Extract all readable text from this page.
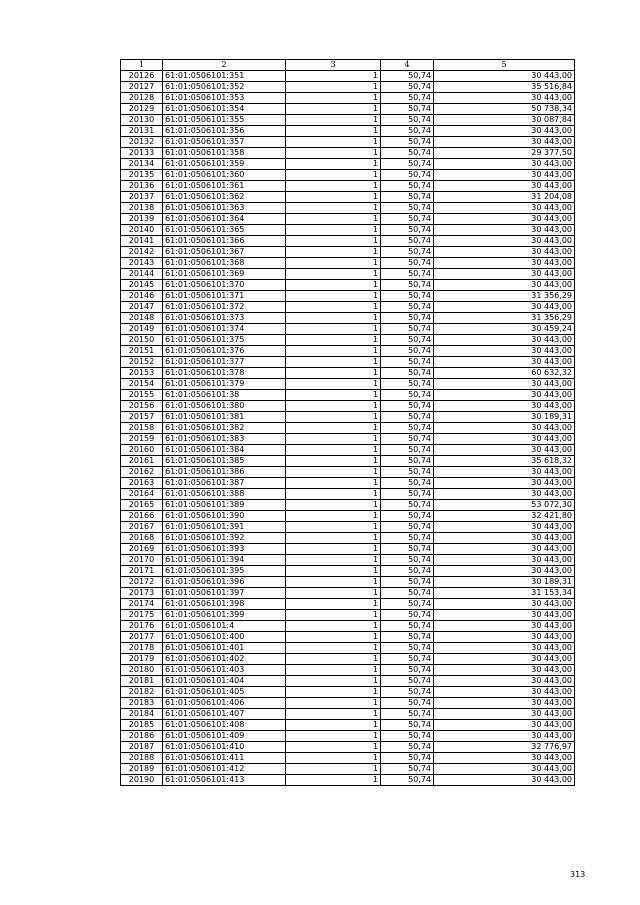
1	2	3	4	5
20126	61:01:0506101:351	1	50,74	30 443,00
20127	61:01:0506101:352	1	50,74	35 516,84
20128	61:01:0506101:353	1	50,74	30 443,00
20129	61:01:0506101:354	1	50,74	50 738,34
20130	61:01:0506101:355	1	50,74	30 087,84
20131	61:01:0506101:356	1	50,74	30 443,00
20132	61:01:0506101:357	1	50,74	30 443,00
20133	61:01:0506101:358	1	50,74	29 377,50
20134	61:01:0506101:359	1	50,74	30 443,00
20135	61:01:0506101:360	1	50,74	30 443,00
20136	61:01:0506101:361	1	50,74	30 443,00
20137	61:01:0506101:362	1	50,74	31 204,08
20138	61:01:0506101:363	1	50,74	30 443,00
20139	61:01:0506101:364	1	50,74	30 443,00
20140	61:01:0506101:365	1	50,74	30 443,00
20141	61:01:0506101:366	1	50,74	30 443,00
20142	61:01:0506101:367	1	50,74	30 443,00
20143	61:01:0506101:368	1	50,74	30 443,00
20144	61:01:0506101:369	1	50,74	30 443,00
20145	61:01:0506101:370	1	50,74	30 443,00
20146	61:01:0506101:371	1	50,74	31 356,29
20147	61:01:0506101:372	1	50,74	30 443,00
20148	61:01:0506101:373	1	50,74	31 356,29
20149	61:01:0506101:374	1	50,74	30 459,24
20150	61:01:0506101:375	1	50,74	30 443,00
20151	61:01:0506101:376	1	50,74	30 443,00
20152	61:01:0506101:377	1	50,74	30 443,00
20153	61:01:0506101:378	1	50,74	60 632,32
20154	61:01:0506101:379	1	50,74	30 443,00
20155	61:01:0506101:38	1	50,74	30 443,00
20156	61:01:0506101:380	1	50,74	30 443,00
20157	61:01:0506101:381	1	50,74	30 189,31
20158	61:01:0506101:382	1	50,74	30 443,00
20159	61:01:0506101:383	1	50,74	30 443,00
20160	61:01:0506101:384	1	50,74	30 443,00
20161	61:01:0506101:385	1	50,74	35 618,32
20162	61:01:0506101:386	1	50,74	30 443,00
20163	61:01:0506101:387	1	50,74	30 443,00
20164	61:01:0506101:388	1	50,74	30 443,00
20165	61:01:0506101:389	1	50,74	53 072,30
20166	61:01:0506101:390	1	50,74	32 421,80
20167	61:01:0506101:391	1	50,74	30 443,00
20168	61:01:0506101:392	1	50,74	30 443,00
20169	61:01:0506101:393	1	50,74	30 443,00
20170	61:01:0506101:394	1	50,74	30 443,00
20171	61:01:0506101:395	1	50,74	30 443,00
20172	61:01:0506101:396	1	50,74	30 189,31
20173	61:01:0506101:397	1	50,74	31 153,34
20174	61:01:0506101:398	1	50,74	30 443,00
20175	61:01:0506101:399	1	50,74	30 443,00
20176	61:01:0506101:4	1	50,74	30 443,00
20177	61:01:0506101:400	1	50,74	30 443,00
20178	61:01:0506101:401	1	50,74	30 443,00
20179	61:01:0506101:402	1	50,74	30 443,00
20180	61:01:0506101:403	1	50,74	30 443,00
20181	61:01:0506101:404	1	50,74	30 443,00
20182	61:01:0506101:405	1	50,74	30 443,00
20183	61:01:0506101:406	1	50,74	30 443,00
20184	61:01:0506101:407	1	50,74	30 443,00
20185	61:01:0506101:408	1	50,74	30 443,00
20186	61:01:0506101:409	1	50,74	30 443,00
20187	61:01:0506101:410	1	50,74	32 776,97
20188	61:01:0506101:411	1	50,74	30 443,00
20189	61:01:0506101:412	1	50,74	30 443,00
20190	61:01:0506101:413	1	50,74	30 443,00
313
